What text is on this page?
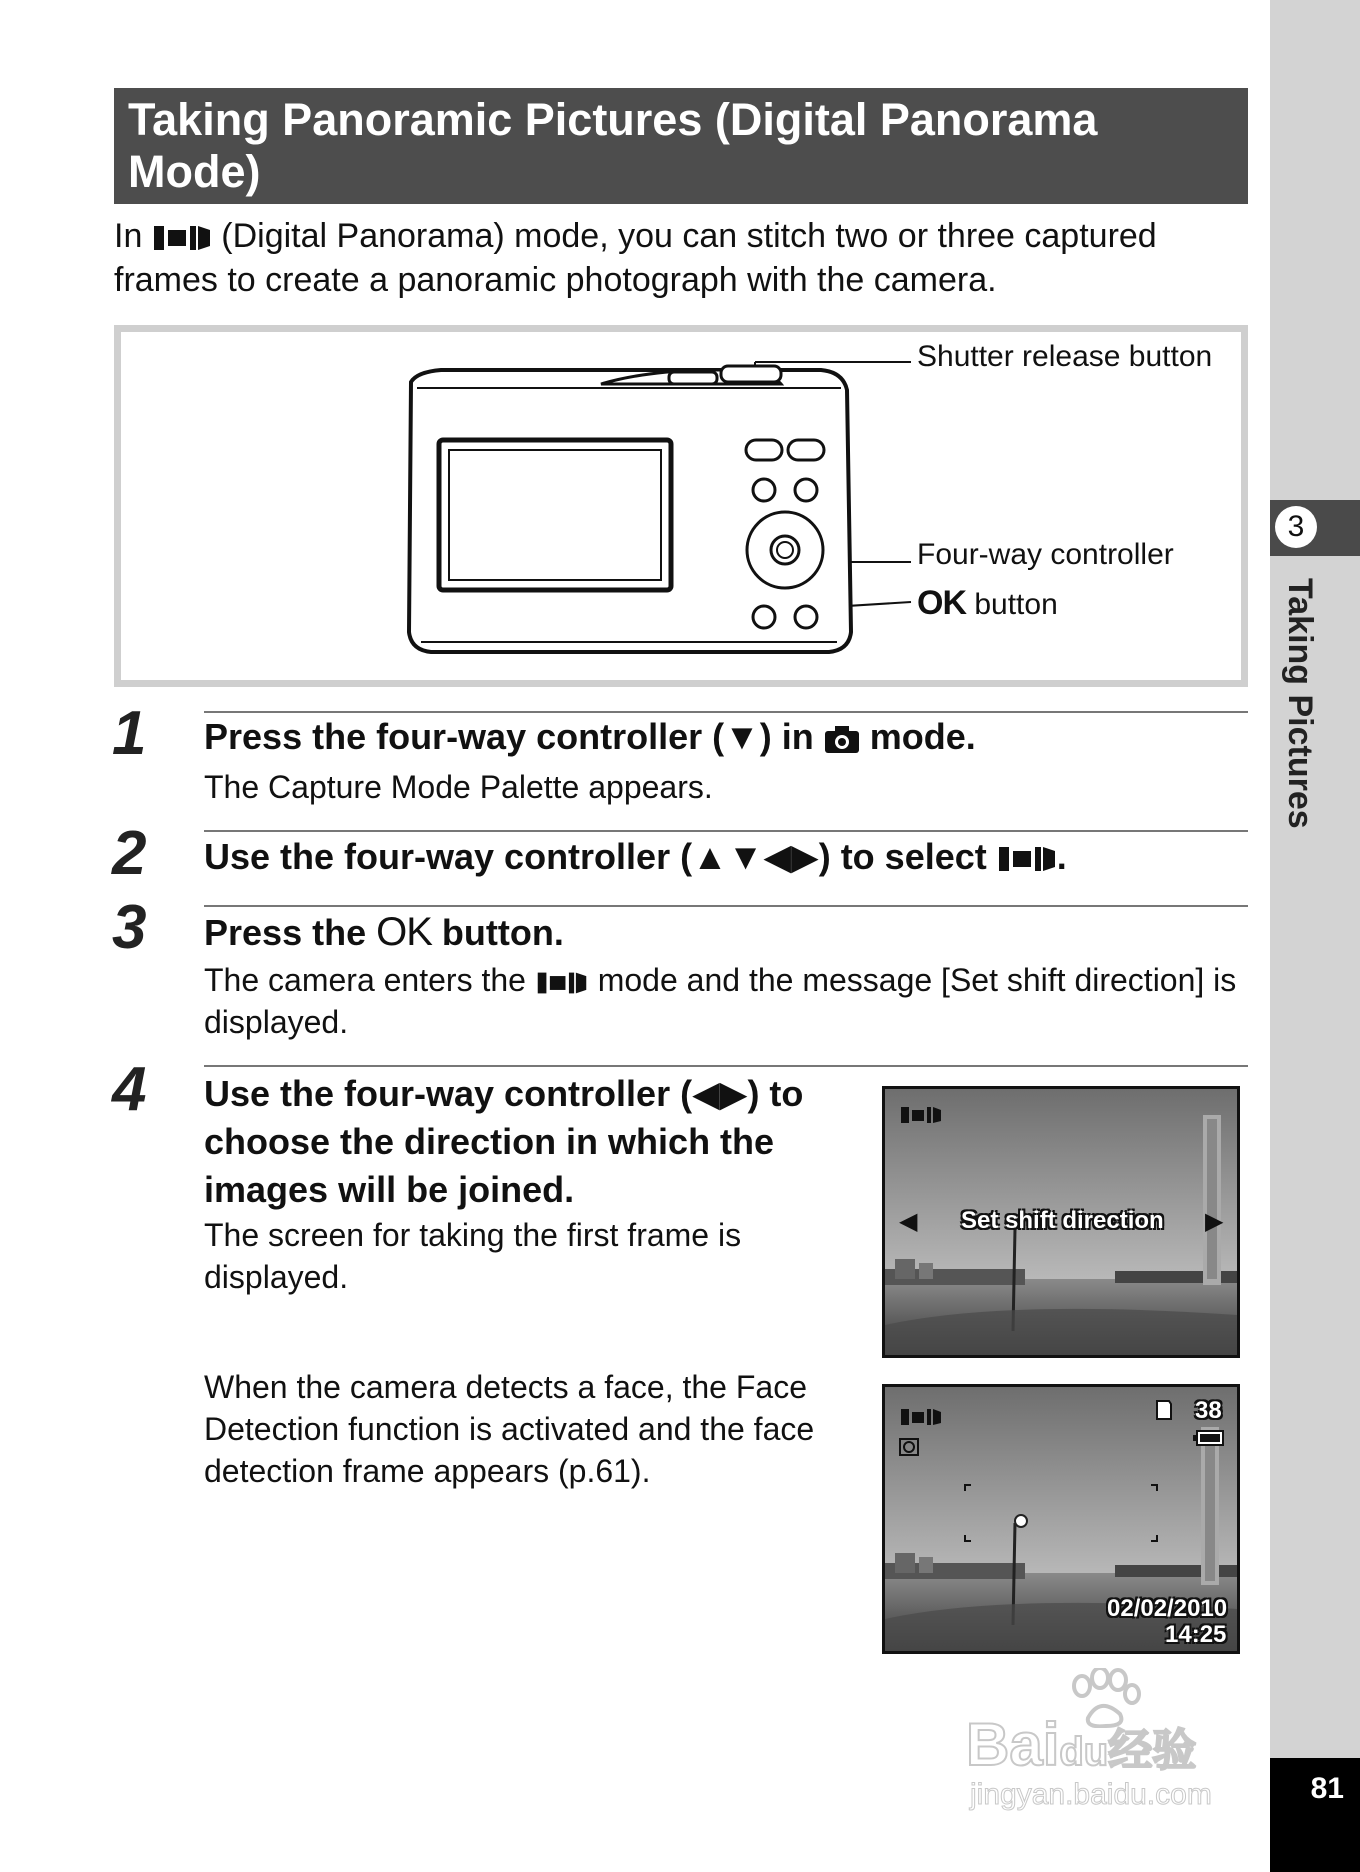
3
Taking Pictures
81
Taking Panoramic Pictures (Digital Panorama Mode)

In (Digital Panorama) mode, you can stitch two or three captured frames to create a panoramic photograph with the camera.

Shutter release button
Four-way controller
OK button
1 Press the four-way controller (▼) in mode.
The Capture Mode Palette appears.
2 Use the four-way controller (▲▼◀▶) to select .
3 Press the OK button.
The camera enters the mode and the message [Set shift direction] is displayed.
4 Use the four-way controller (◀▶) to choose the direction in which the images will be joined.
The screen for taking the first frame is displayed.
When the camera detects a face, the Face Detection function is activated and the face detection frame appears (p.61).
◀ Set shift direction ▶
38
02/02/2010
14:25
Baidu经验
jingyan.baidu.com
